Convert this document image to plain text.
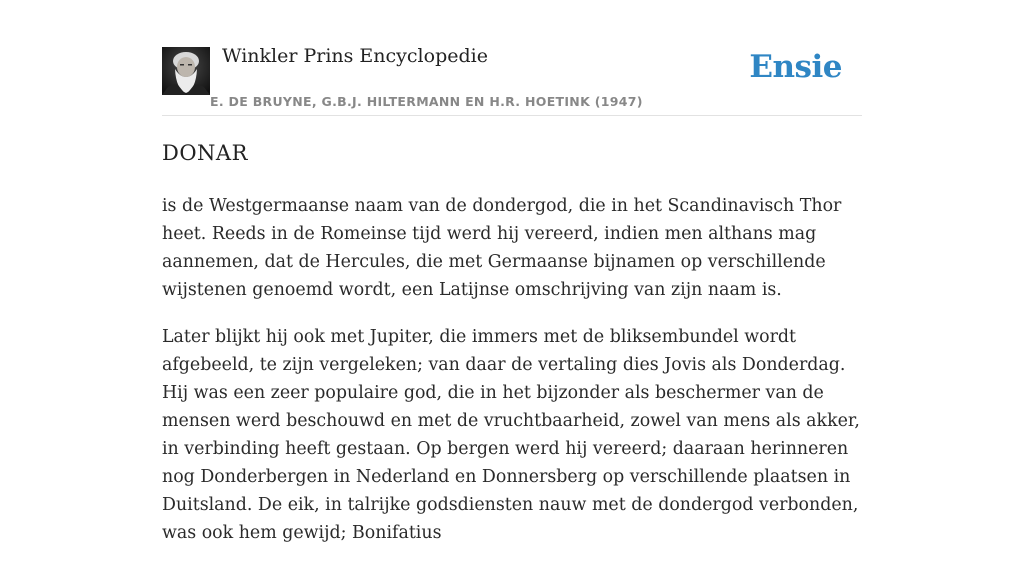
Winkler Prins Encyclopedie
E. DE BRUYNE, G.B.J. HILTERMANN EN H.R. HOETINK (1947)
Ensie
DONAR

is de Westgermaanse naam van de dondergod, die in het Scandinavisch Thor heet. Reeds in de Romeinse tijd werd hij vereerd, indien men althans mag aannemen, dat de Hercules, die met Germaanse bijnamen op verschillende wijstenen genoemd wordt, een Latijnse omschrijving van zijn naam is.

Later blijkt hij ook met Jupiter, die immers met de bliksembundel wordt afgebeeld, te zijn vergeleken; van daar de vertaling dies Jovis als Donderdag. Hij was een zeer populaire god, die in het bijzonder als beschermer van de mensen werd beschouwd en met de vruchtbaarheid, zowel van mens als akker, in verbinding heeft gestaan. Op bergen werd hij vereerd; daaraan herinneren nog Donderbergen in Nederland en Donnersberg op verschillende plaatsen in Duitsland. De eik, in talrijke godsdiensten nauw met de dondergod verbonden, was ook hem gewijd; Bonifatius
